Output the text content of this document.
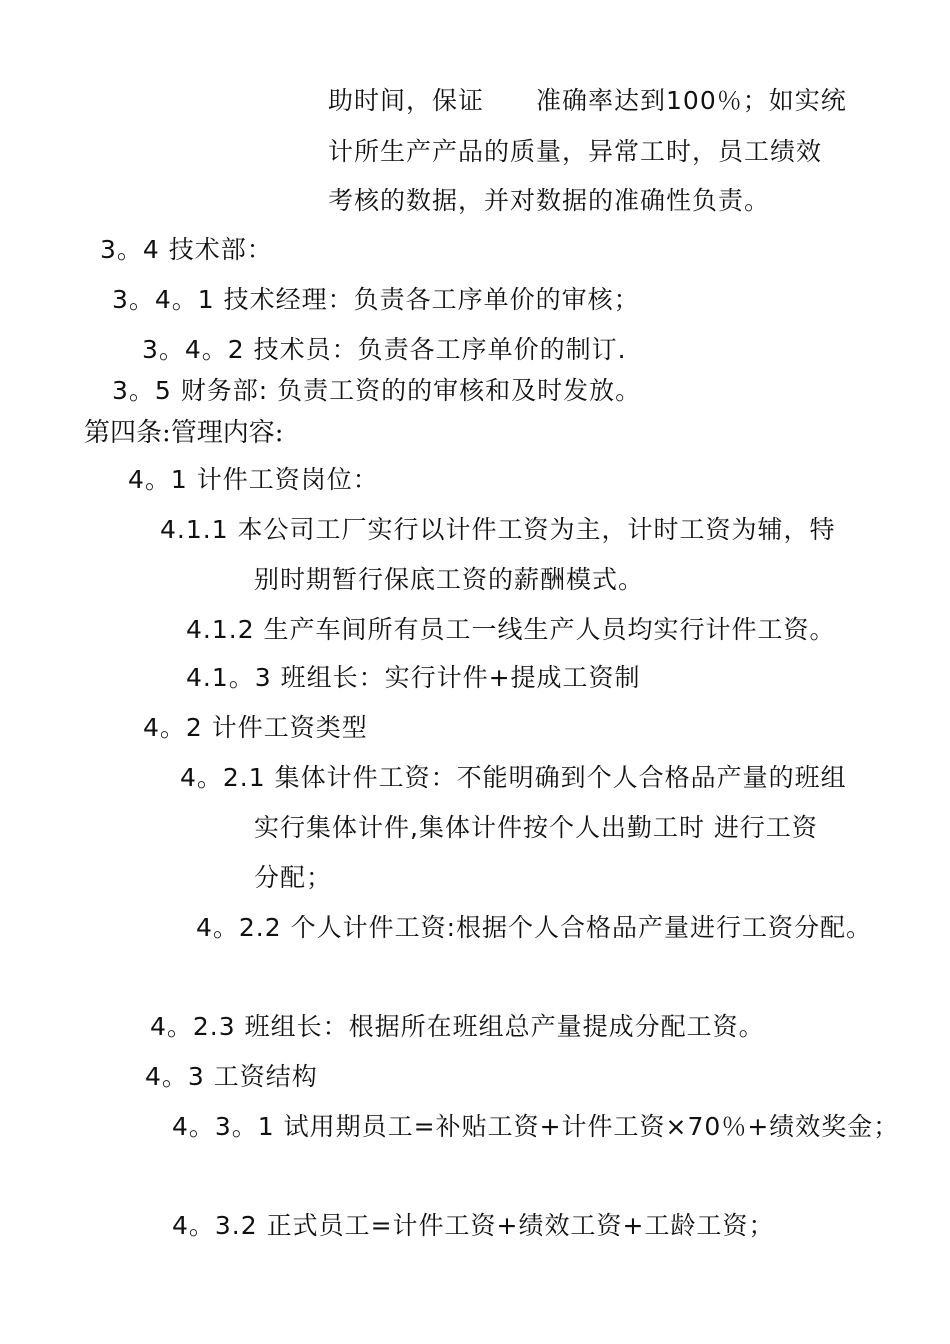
助时间，保证　　准确率达到100％；如实统
计所生产产品的质量，异常工时，员工绩效
考核的数据，并对数据的准确性负责。
3。4 技术部：
3。4。1 技术经理：负责各工序单价的审核；
3。4。2 技术员：负责各工序单价的制订.
3。5 财务部: 负责工资的的审核和及时发放。
第四条:管理内容:
4。1 计件工资岗位：
4.1.1 本公司工厂实行以计件工资为主，计时工资为辅，特
别时期暂行保底工资的薪酬模式。
4.1.2 生产车间所有员工一线生产人员均实行计件工资。
4.1。3 班组长：实行计件+提成工资制
4。2 计件工资类型
4。2.1 集体计件工资：不能明确到个人合格品产量的班组
实行集体计件,集体计件按个人出勤工时 进行工资
分配；
4。2.2 个人计件工资:根据个人合格品产量进行工资分配。
4。2.3 班组长：根据所在班组总产量提成分配工资。
4。3 工资结构
4。3。1 试用期员工=补贴工资+计件工资×70％+绩效奖金；
4。3.2 正式员工=计件工资+绩效工资+工龄工资；
